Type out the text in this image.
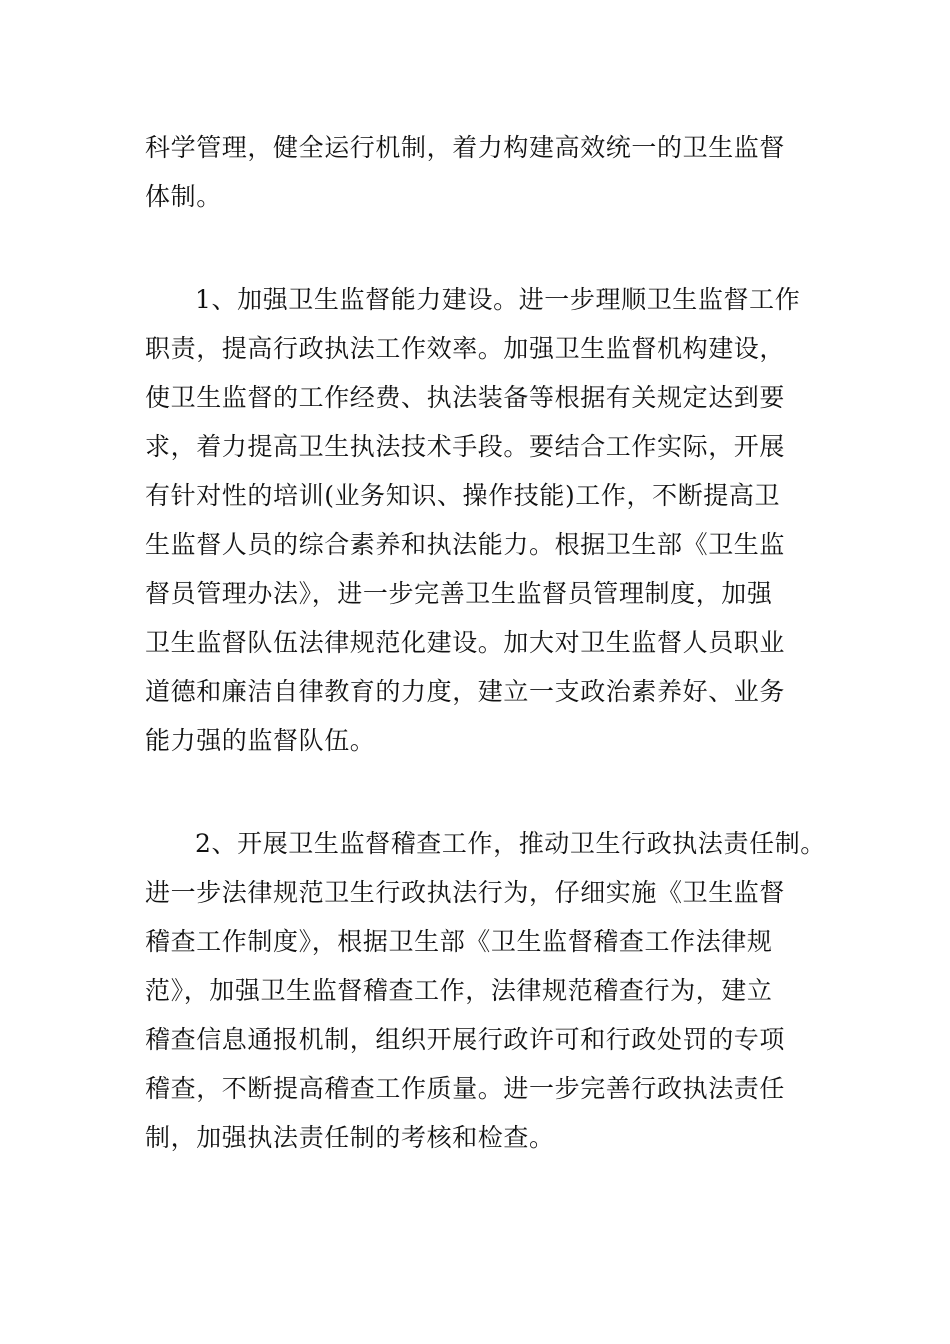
科学管理，健全运行机制，着力构建高效统一的卫生监督
体制。
1、加强卫生监督能力建设。进一步理顺卫生监督工作
职责，提高行政执法工作效率。加强卫生监督机构建设，
使卫生监督的工作经费、执法装备等根据有关规定达到要
求，着力提高卫生执法技术手段。要结合工作实际，开展
有针对性的培训(业务知识、操作技能)工作，不断提高卫
生监督人员的综合素养和执法能力。根据卫生部《卫生监
督员管理办法》，进一步完善卫生监督员管理制度，加强
卫生监督队伍法律规范化建设。加大对卫生监督人员职业
道德和廉洁自律教育的力度，建立一支政治素养好、业务
能力强的监督队伍。
2、开展卫生监督稽查工作，推动卫生行政执法责任制。
进一步法律规范卫生行政执法行为，仔细实施《卫生监督
稽查工作制度》，根据卫生部《卫生监督稽查工作法律规
范》，加强卫生监督稽查工作，法律规范稽查行为，建立
稽查信息通报机制，组织开展行政许可和行政处罚的专项
稽查，不断提高稽查工作质量。进一步完善行政执法责任
制，加强执法责任制的考核和检查。
